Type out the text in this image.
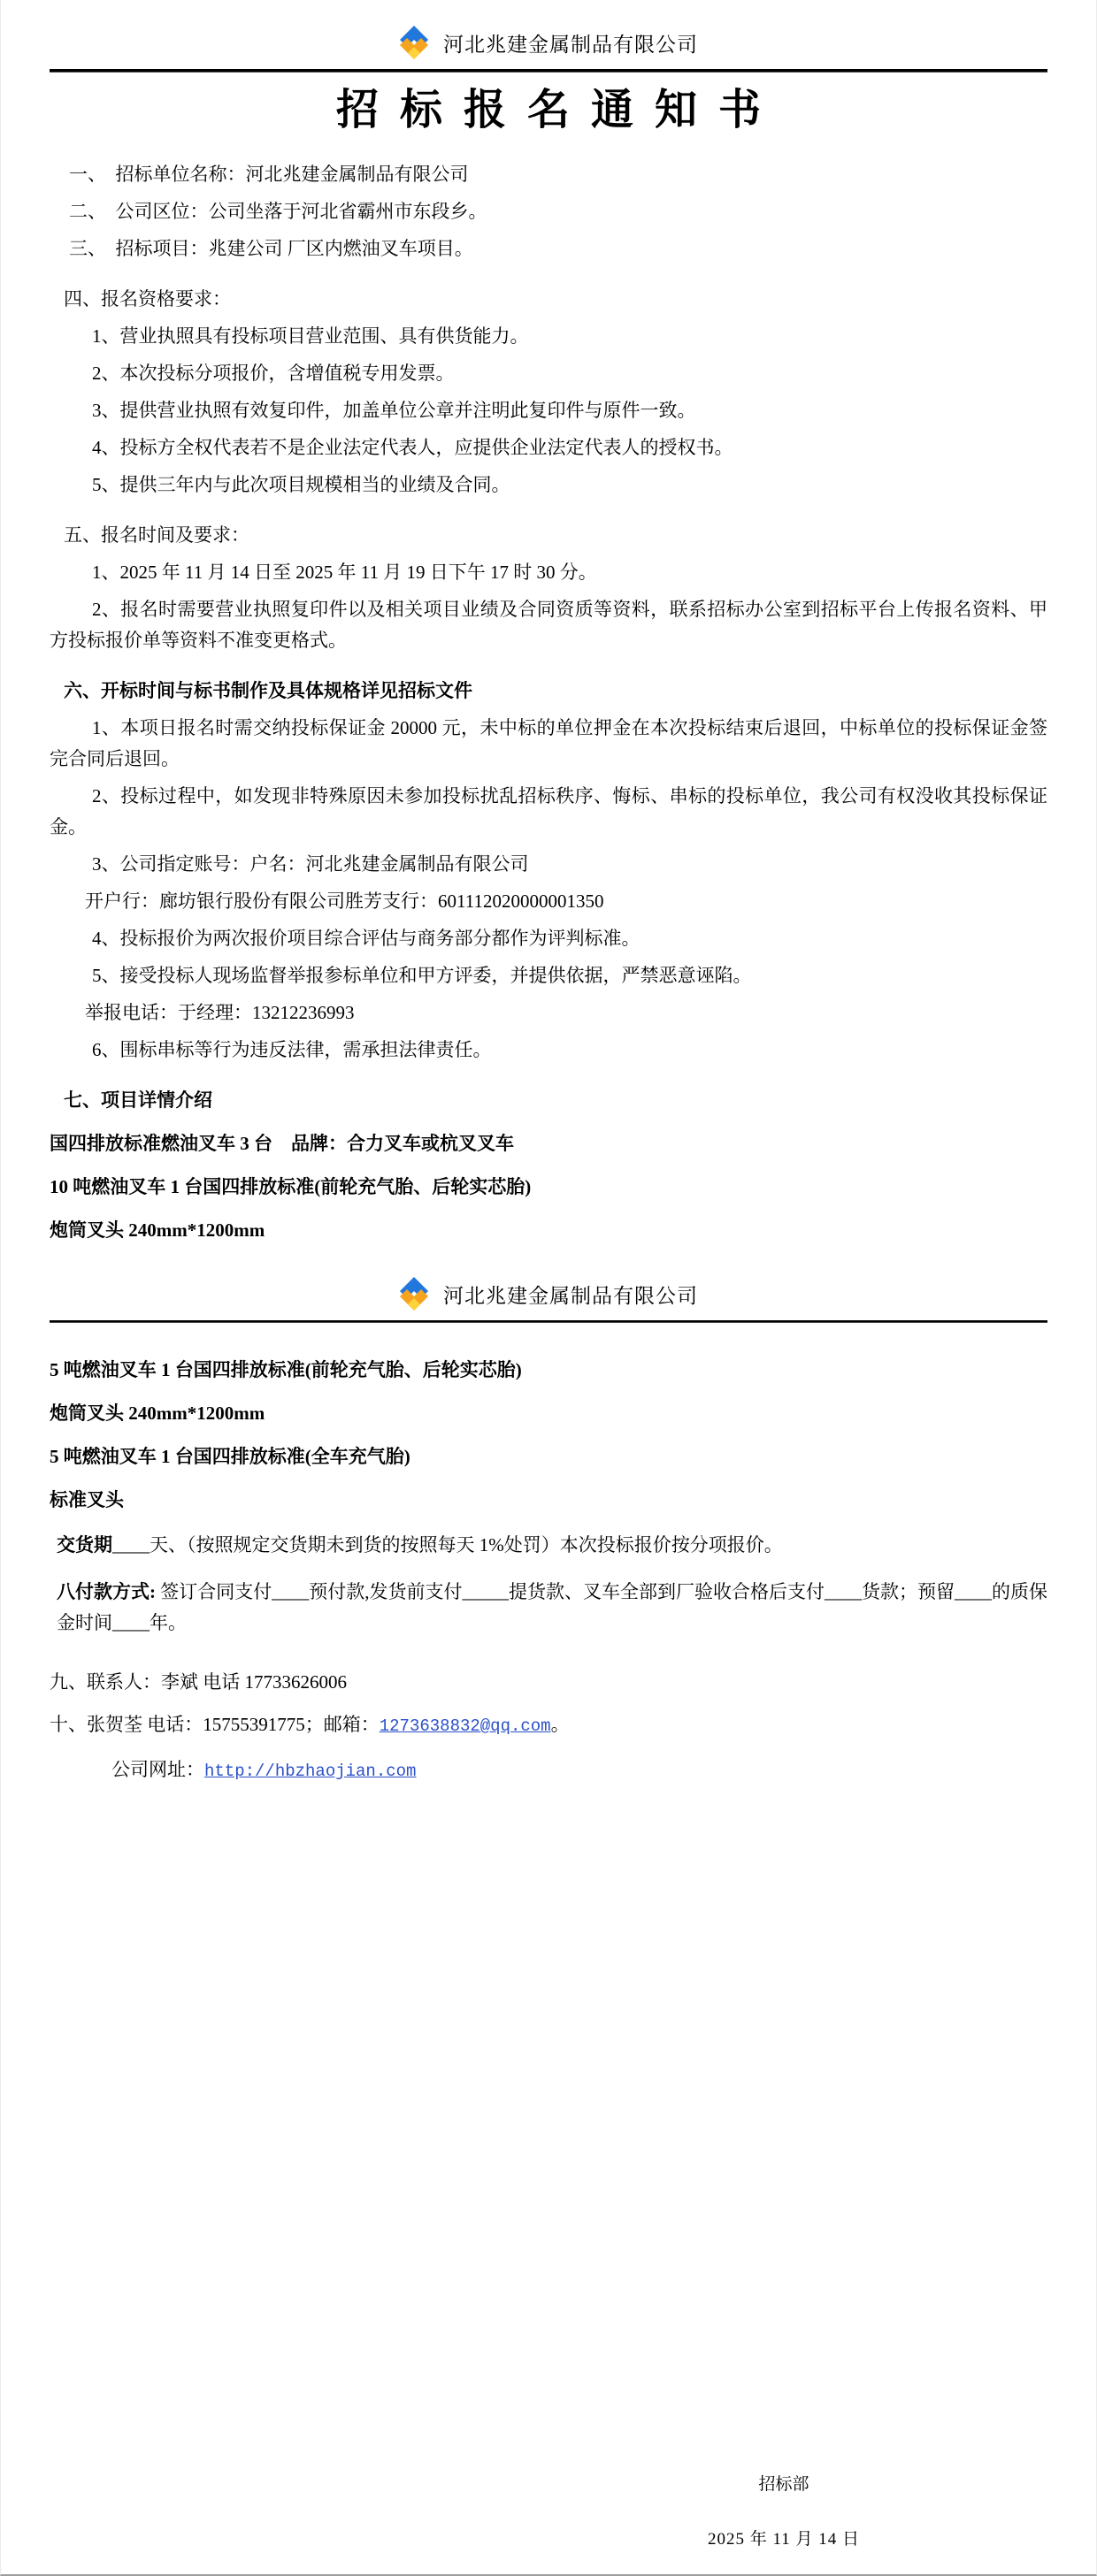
河北兆建金属制品有限公司
招标报名通知书

一、　招标单位名称：河北兆建金属制品有限公司

二、　公司区位：公司坐落于河北省霸州市东段乡。

三、　招标项目：兆建公司 厂区内燃油叉车项目。

四、报名资格要求：

1、营业执照具有投标项目营业范围、具有供货能力。

2、本次投标分项报价，含增值税专用发票。

3、提供营业执照有效复印件，加盖单位公章并注明此复印件与原件一致。

4、投标方全权代表若不是企业法定代表人，应提供企业法定代表人的授权书。

5、提供三年内与此次项目规模相当的业绩及合同。

五、报名时间及要求：

1、2025 年 11 月 14 日至 2025 年 11 月 19 日下午 17 时 30 分。

2、报名时需要营业执照复印件以及相关项目业绩及合同资质等资料，联系招标办公室到招标平台上传报名资料、甲方投标报价单等资料不准变更格式。

六、开标时间与标书制作及具体规格详见招标文件

1、本项日报名时需交纳投标保证金 20000 元，未中标的单位押金在本次投标结束后退回，中标单位的投标保证金签完合同后退回。

2、投标过程中，如发现非特殊原因未参加投标扰乱招标秩序、悔标、串标的投标单位，我公司有权没收其投标保证金。

3、公司指定账号：户名：河北兆建金属制品有限公司

开户行：廊坊银行股份有限公司胜芳支行：601112020000001350

4、投标报价为两次报价项目综合评估与商务部分都作为评判标准。

5、接受投标人现场监督举报参标单位和甲方评委，并提供依据，严禁恶意诬陷。

举报电话：于经理：13212236993

6、围标串标等行为违反法律，需承担法律责任。

七、项目详情介绍

国四排放标准燃油叉车 3 台　品牌：合力叉车或杭叉叉车

10 吨燃油叉车 1 台国四排放标准(前轮充气胎、后轮实芯胎)

炮筒叉头 240mm*1200mm

河北兆建金属制品有限公司

5 吨燃油叉车 1 台国四排放标准(前轮充气胎、后轮实芯胎)

炮筒叉头 240mm*1200mm

5 吨燃油叉车 1 台国四排放标准(全车充气胎)

标准叉头

交货期____天、（按照规定交货期未到货的按照每天 1%处罚）本次投标报价按分项报价。

八付款方式: 签订合同支付____预付款,发货前支付_____提货款、叉车全部到厂验收合格后支付____货款；预留____的质保金时间____年。

九、联系人：李斌 电话 17733626006

十、张贺荃 电话：15755391775；邮箱：1273638832@qq.com。

公司网址：http://hbzhaojian.com

招标部
2025 年 11 月 14 日
